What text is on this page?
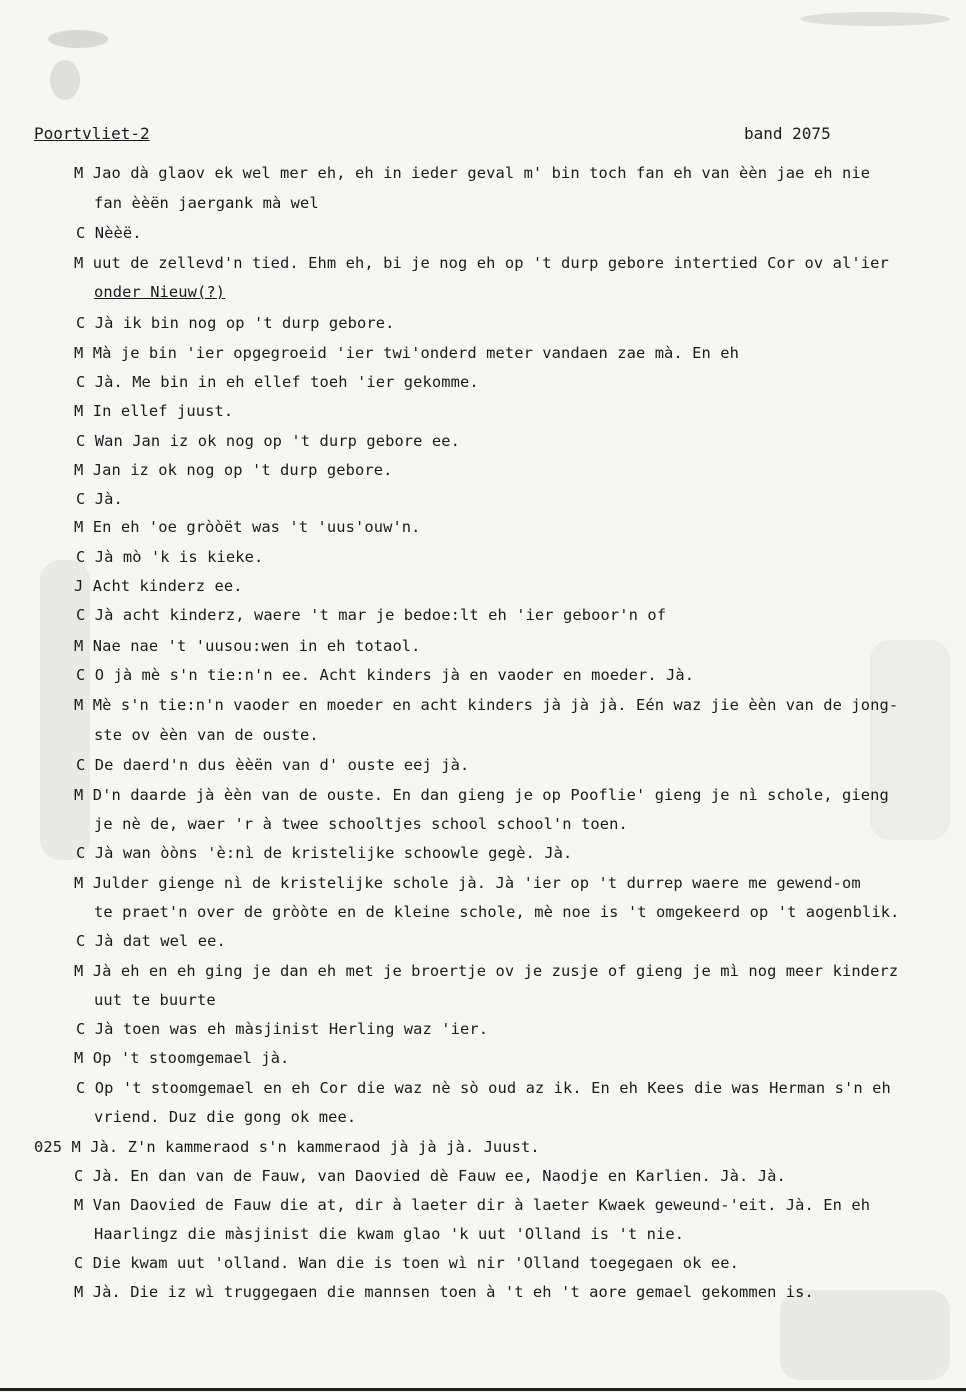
Poortvliet-2	band 2075
M Jao dà glaov ek wel mer eh, eh in ieder geval m' bin toch fan eh van èèn jae eh nie
fan èèën jaergank mà wel
C Nèèë.
M uut de zellevd'n tied. Ehm eh, bi je nog eh op 't durp gebore intertied Cor ov al'ier
onder Nieuw(?)
C Jà ik bin nog op 't durp gebore.
M Mà je bin 'ier opgegroeid 'ier twi'onderd meter vandaen zae mà. En eh
C Jà. Me bin in eh ellef toeh 'ier gekomme.
M In ellef juust.
C Wan Jan iz ok nog op 't durp gebore ee.
M Jan iz ok nog op 't durp gebore.
C Jà.
M En eh 'oe gròòët was 't 'uus'ouw'n.
C Jà mò 'k is kieke.
J Acht kinderz ee.
C Jà acht kinderz, waere 't mar je bedoe:lt eh 'ier geboor'n of
M Nae nae 't 'uusou:wen in eh totaol.
C O jà mè s'n tie:n'n ee. Acht kinders jà en vaoder en moeder. Jà.
M Mè s'n tie:n'n vaoder en moeder en acht kinders jà jà jà. Eén waz jie èèn van de jong-
ste ov èèn van de ouste.
C De daerd'n dus èèën van d' ouste eej jà.
M D'n daarde jà èèn van de ouste. En dan gieng je op Pooflie' gieng je nì schole, gieng
je nè de, waer 'r à twee schooltjes school school'n toen.
C Jà wan òòns 'è:nì de kristelijke schoowle gegè. Jà.
M Julder gienge nì de kristelijke schole jà. Jà 'ier op 't durrep waere me gewend-om
te praet'n over de gròòte en de kleine schole, mè noe is 't omgekeerd op 't aogenblik.
C Jà dat wel ee.
M Jà eh en eh ging je dan eh met je broertje ov je zusje of gieng je mì nog meer kinderz
uut te buurte
C Jà toen was eh màsjinist Herling waz 'ier.
M Op 't stoomgemael jà.
C Op 't stoomgemael en eh Cor die waz nè sò oud az ik. En eh Kees die was Herman s'n eh
vriend. Duz die gong ok mee.
025 M Jà. Z'n kammeraod s'n kammeraod jà jà jà. Juust.
C Jà. En dan van de Fauw, van Daovied dè Fauw ee, Naodje en Karlien. Jà. Jà.
M Van Daovied de Fauw die at, dir à laeter dir à laeter Kwaek geweund-'eit. Jà. En eh
Haarlingz die màsjinist die kwam glao 'k uut 'Olland is 't nie.
C Die kwam uut 'olland. Wan die is toen wì nir 'Olland toegegaen ok ee.
M Jà. Die iz wì truggegaen die mannsen toen à 't eh 't aore gemael gekommen is.
